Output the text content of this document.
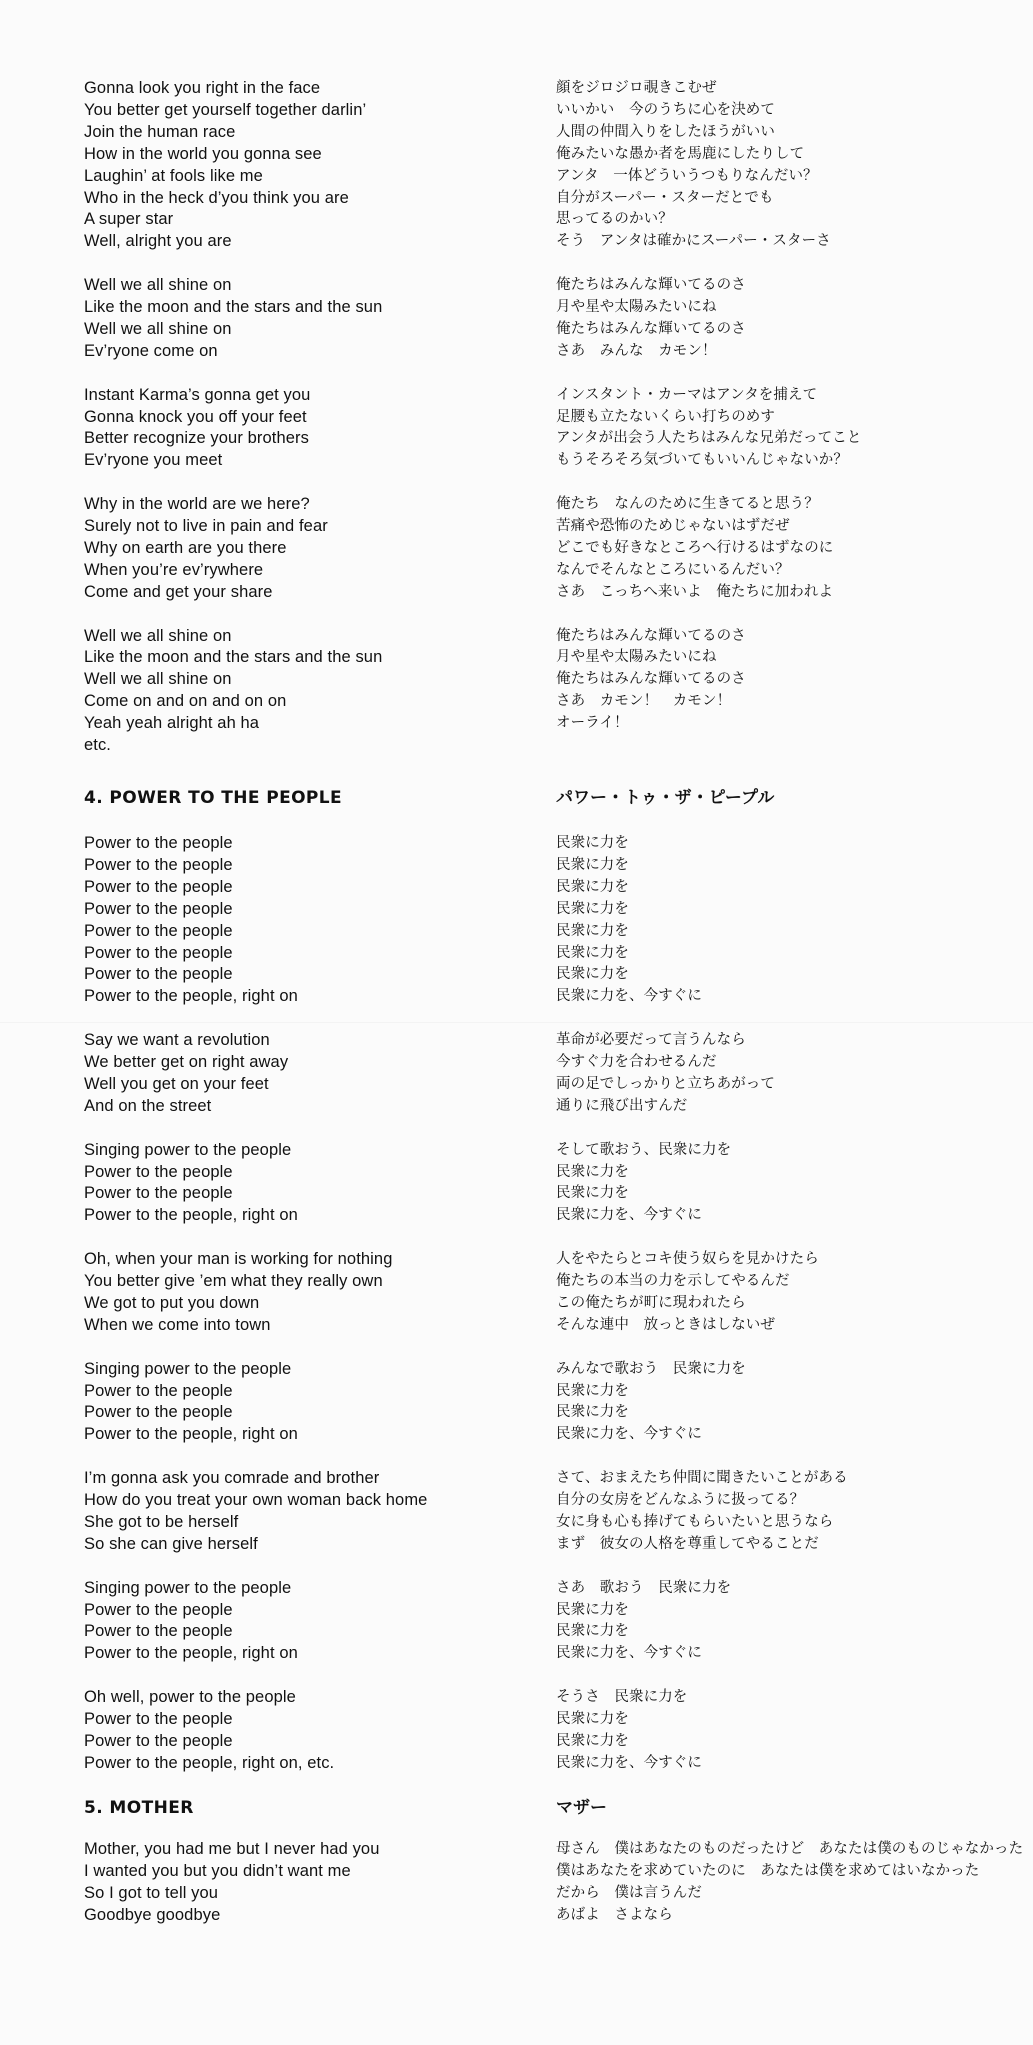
4. POWER TO THE PEOPLE
5. MOTHER
Gonna look you right in the face
You better get yourself together darlin’
Join the human race
How in the world you gonna see
Laughin’ at fools like me
Who in the heck d’you think you are
A super star
Well, alright you are
Well we all shine on
Like the moon and the stars and the sun
Well we all shine on
Ev’ryone come on
Instant Karma’s gonna get you
Gonna knock you off your feet
Better recognize your brothers
Ev’ryone you meet
Why in the world are we here?
Surely not to live in pain and fear
Why on earth are you there
When you’re ev’rywhere
Come and get your share
Well we all shine on
Like the moon and the stars and the sun
Well we all shine on
Come on and on and on on
Yeah yeah alright ah ha
etc.
Power to the people
Power to the people
Power to the people
Power to the people
Power to the people
Power to the people
Power to the people
Power to the people, right on
Say we want a revolution
We better get on right away
Well you get on your feet
And on the street
Singing power to the people
Power to the people
Power to the people
Power to the people, right on
Oh, when your man is working for nothing
You better give ’em what they really own
We got to put you down
When we come into town
Singing power to the people
Power to the people
Power to the people
Power to the people, right on
I’m gonna ask you comrade and brother
How do you treat your own woman back home
She got to be herself
So she can give herself
Singing power to the people
Power to the people
Power to the people
Power to the people, right on
Oh well, power to the people
Power to the people
Power to the people
Power to the people, right on, etc.
Mother, you had me but I never had you
I wanted you but you didn’t want me
So I got to tell you
Goodbye goodbye
パワー・トゥ・ザ・ピープル
マザー
顔をジロジロ覗きこむぜ
いいかい　今のうちに心を決めて
人間の仲間入りをしたほうがいい
俺みたいな愚か者を馬鹿にしたりして
アンタ　一体どういうつもりなんだい？
自分がスーパー・スターだとでも
思ってるのかい？
そう　アンタは確かにスーパー・スターさ
俺たちはみんな輝いてるのさ
月や星や太陽みたいにね
俺たちはみんな輝いてるのさ
さあ　みんな　カモン！
インスタント・カーマはアンタを捕えて
足腰も立たないくらい打ちのめす
アンタが出会う人たちはみんな兄弟だってこと
もうそろそろ気づいてもいいんじゃないか？
俺たち　なんのために生きてると思う？
苦痛や恐怖のためじゃないはずだぜ
どこでも好きなところへ行けるはずなのに
なんでそんなところにいるんだい？
さあ　こっちへ来いよ　俺たちに加われよ
俺たちはみんな輝いてるのさ
月や星や太陽みたいにね
俺たちはみんな輝いてるのさ
さあ　カモン！　カモン！
オーライ！
民衆に力を
民衆に力を
民衆に力を
民衆に力を
民衆に力を
民衆に力を
民衆に力を
民衆に力を、今すぐに
革命が必要だって言うんなら
今すぐ力を合わせるんだ
両の足でしっかりと立ちあがって
通りに飛び出すんだ
そして歌おう、民衆に力を
民衆に力を
民衆に力を
民衆に力を、今すぐに
人をやたらとコキ使う奴らを見かけたら
俺たちの本当の力を示してやるんだ
この俺たちが町に現われたら
そんな連中　放っときはしないぜ
みんなで歌おう　民衆に力を
民衆に力を
民衆に力を
民衆に力を、今すぐに
さて、おまえたち仲間に聞きたいことがある
自分の女房をどんなふうに扱ってる？
女に身も心も捧げてもらいたいと思うなら
まず　彼女の人格を尊重してやることだ
さあ　歌おう　民衆に力を
民衆に力を
民衆に力を
民衆に力を、今すぐに
そうさ　民衆に力を
民衆に力を
民衆に力を
民衆に力を、今すぐに
母さん　僕はあなたのものだったけど　あなたは僕のものじゃなかった
僕はあなたを求めていたのに　あなたは僕を求めてはいなかった
だから　僕は言うんだ
あばよ　さよなら
